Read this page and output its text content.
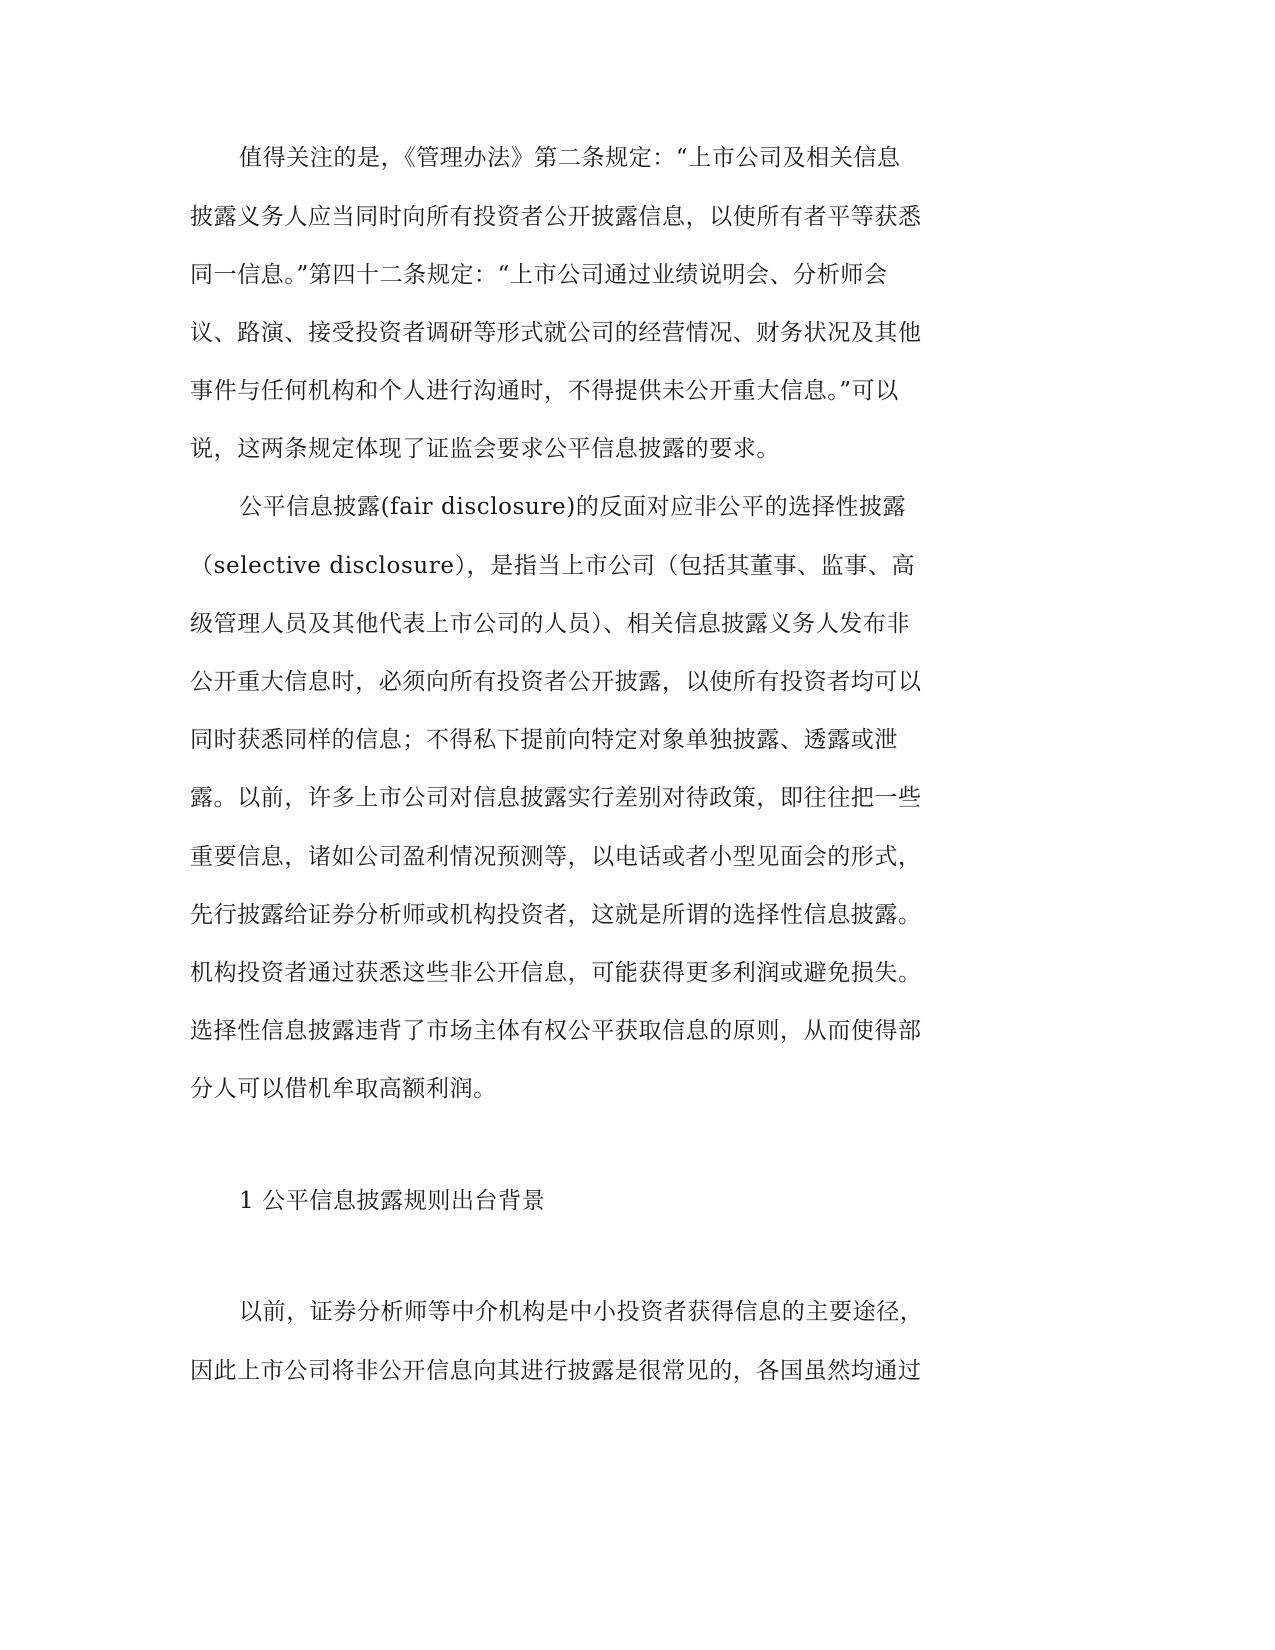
值得关注的是，《管理办法》第二条规定：“上市公司及相关信息
披露义务人应当同时向所有投资者公开披露信息，以使所有者平等获悉
同一信息。”第四十二条规定：“上市公司通过业绩说明会、分析师会
议、路演、接受投资者调研等形式就公司的经营情况、财务状况及其他
事件与任何机构和个人进行沟通时，不得提供未公开重大信息。”可以
说，这两条规定体现了证监会要求公平信息披露的要求。
公平信息披露(fair disclosure)的反面对应非公平的选择性披露
（selective disclosure），是指当上市公司（包括其董事、监事、高
级管理人员及其他代表上市公司的人员）、相关信息披露义务人发布非
公开重大信息时，必须向所有投资者公开披露，以使所有投资者均可以
同时获悉同样的信息；不得私下提前向特定对象单独披露、透露或泄
露。以前，许多上市公司对信息披露实行差别对待政策，即往往把一些
重要信息，诸如公司盈利情况预测等，以电话或者小型见面会的形式，
先行披露给证券分析师或机构投资者，这就是所谓的选择性信息披露。
机构投资者通过获悉这些非公开信息，可能获得更多利润或避免损失。
选择性信息披露违背了市场主体有权公平获取信息的原则，从而使得部
分人可以借机牟取高额利润。
1 公平信息披露规则出台背景
以前，证券分析师等中介机构是中小投资者获得信息的主要途径，
因此上市公司将非公开信息向其进行披露是很常见的，各国虽然均通过
